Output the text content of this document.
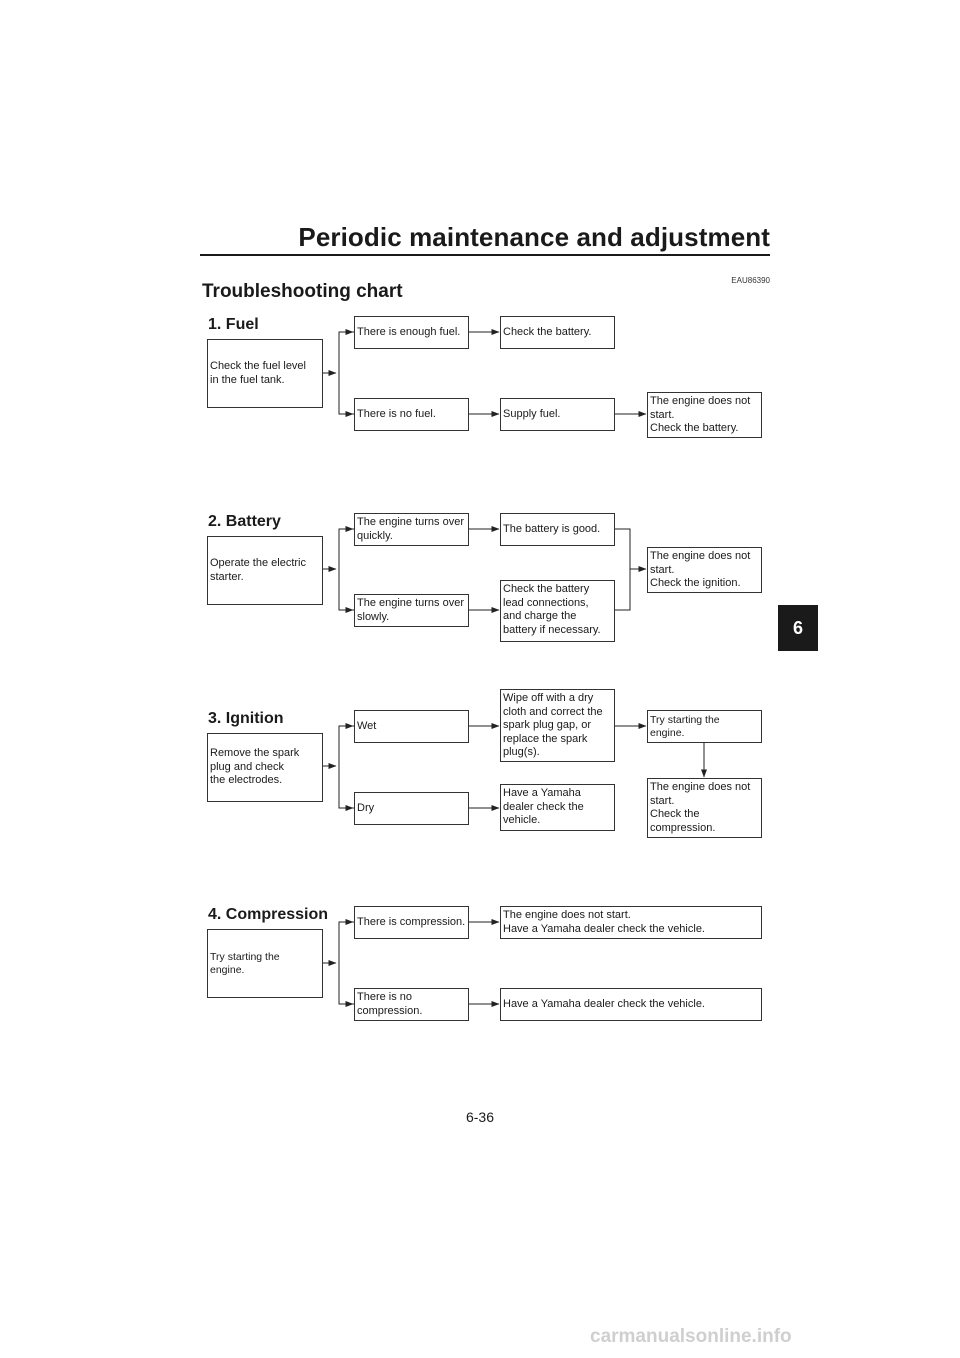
Periodic maintenance and adjustment
EAU86390
Troubleshooting chart
6
1. Fuel
Check the fuel level
in the fuel tank.
There is enough fuel.	Check the battery.
There is no fuel.	Supply fuel.
The engine does not
start.
Check the battery.
2. Battery
Operate the electric
starter.
The engine turns over
quickly.
The battery is good.
The engine turns over
slowly.
Check the battery
lead connections,
and charge the
battery if necessary.
The engine does not
start.
Check the ignition.
3. Ignition
Remove the spark
plug and check
the electrodes.
Wet
Wipe off with a dry
cloth and correct the
spark plug gap, or
replace the spark
plug(s).
Try starting the
engine.
Dry
Have a Yamaha
dealer check the
vehicle.
The engine does not
start.
Check the
compression.
4. Compression
Try starting the
engine.
There is compression.
The engine does not start.
Have a Yamaha dealer check the vehicle.
There is no
compression.
Have a Yamaha dealer check the vehicle.
6-36
carmanualsonline.info
